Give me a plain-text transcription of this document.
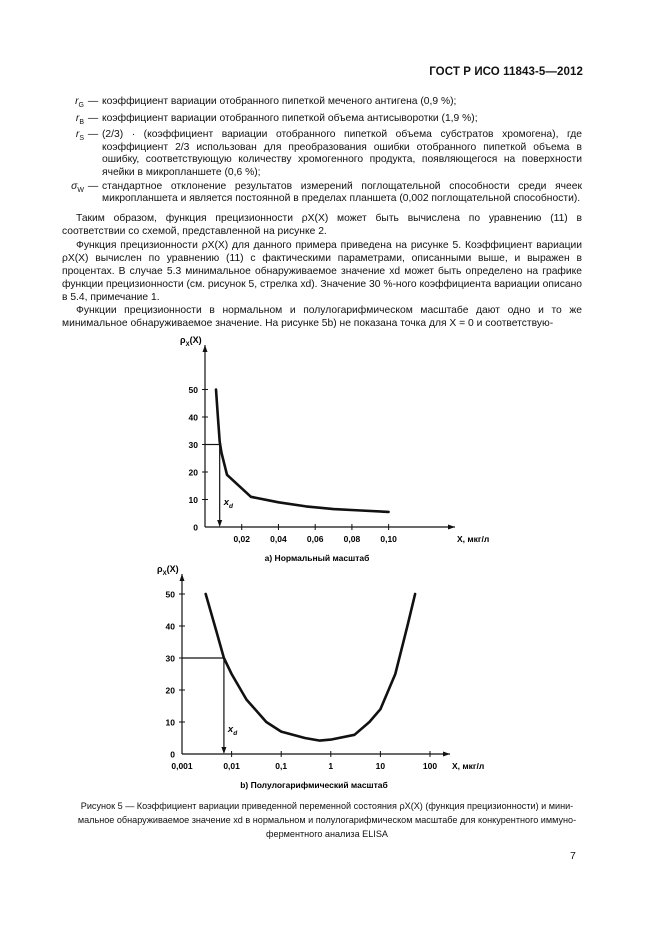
ГОСТ Р ИСО 11843-5—2012
$r_G$ — коэффициент вариации отобранного пипеткой меченого антигена (0,9 %);
$r_B$ — коэффициент вариации отобранного пипеткой объема антисыворотки (1,9 %);
$r_S$ — (2/3) · (коэффициент вариации отобранного пипеткой объема субстратов хромогена), где коэффициент 2/3 использован для преобразования ошибки отобранного пипеткой объема в ошибку, соответствующую количеству хромогенного продукта, появляющегося на поверхности ячейки в микропланшете (0,6 %);
$\sigma_W$ — стандартное отклонение результатов измерений поглощательной способности среди ячеек микропланшета и является постоянной в пределах планшета (0,002 поглощательной способности).
Таким образом, функция прецизионности ρX(X) может быть вычислена по уравнению (11) в соответствии со схемой, представленной на рисунке 2.
Функция прецизионности ρX(X) для данного примера приведена на рисунке 5. Коэффициент вариации ρX(X) вычислен по уравнению (11) с фактическими параметрами, описанными выше, и выражен в процентах. В случае 5.3 минимальное обнаруживаемое значение xd может быть определено на графике функции прецизионности (см. рисунок 5, стрелка xd). Значение 30 %-ного коэффициента вариации описано в 5.4, примечание 1.
Функции прецизионности в нормальном и полулогарифмическом масштабе дают одно и то же минимальное обнаруживаемое значение. На рисунке 5b) не показана точка для X = 0 и соответствую-
0
10
20
30
40
50
0,02 0,04 0,06 0,08 0,10
$\rho_X(X)$
X, мкг/л
$x_d$
a) Нормальный масштаб
0
10
20
30
40
50
0,001	0,01	0,1	1	10	100
$\rho_X(X)$
X, мкг/л
$x_d$
b) Полулогарифмический масштаб
Рисунок 5 — Коэффициент вариации приведенной переменной состояния ρX(X) (функция прецизионности) и мини-
мальное обнаруживаемое значение xd в нормальном и полулогарифмическом масштабе для конкурентного иммуно-
ферментного анализа ELISA
7
